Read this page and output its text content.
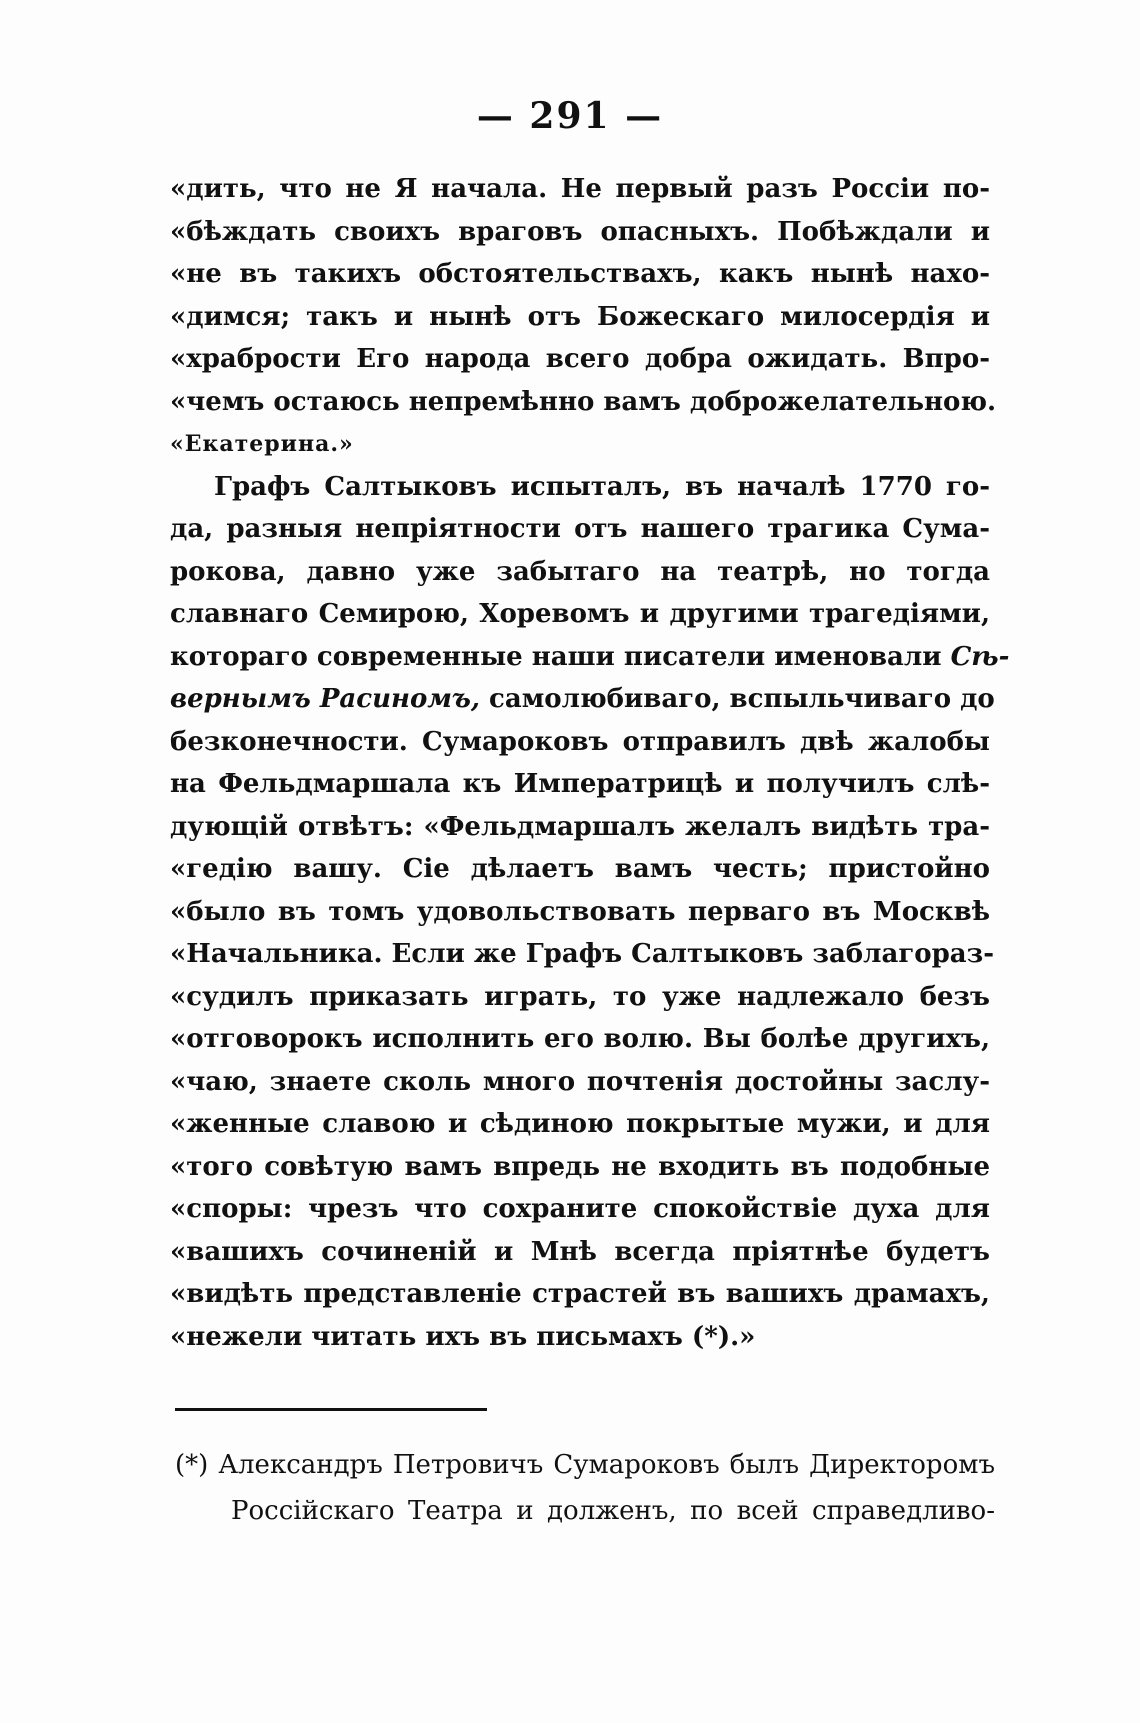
— 291 —
«дить, что не Я начала. Не первый разъ Россіи по-
«бѣждать своихъ враговъ опасныхъ. Побѣждали и
«не въ такихъ обстоятельствахъ, какъ нынѣ нахо-
«димся; такъ и нынѣ отъ Божескаго милосердія и
«храбрости Его народа всего добра ожидать. Впро-
«чемъ остаюсь непремѣнно вамъ доброжелательною.
«Екатерина.»
Графъ Салтыковъ испыталъ, въ началѣ 1770 го-
да, разныя непріятности отъ нашего трагика Сума-
рокова, давно уже забытаго на театрѣ, но тогда
славнаго Семирою, Хоревомъ и другими трагедіями,
котораго современные наши писатели именовали Сѣ-
вернымъ Расиномъ, самолюбиваго, вспыльчиваго до
безконечности. Сумароковъ отправилъ двѣ жалобы
на Фельдмаршала къ Императрицѣ и получилъ слѣ-
дующій отвѣтъ: «Фельдмаршалъ желалъ видѣть тра-
«гедію вашу. Сіе дѣлаетъ вамъ честь; пристойно
«было въ томъ удовольствовать перваго въ Москвѣ
«Начальника. Если же Графъ Салтыковъ заблагораз-
«судилъ приказать играть, то уже надлежало безъ
«отговорокъ исполнить его волю. Вы болѣе другихъ,
«чаю, знаете сколь много почтенія достойны заслу-
«женные славою и сѣдиною покрытые мужи, и для
«того совѣтую вамъ впредь не входить въ подобные
«споры: чрезъ что сохраните спокойствіе духа для
«вашихъ сочиненій и Мнѣ всегда пріятнѣе будетъ
«видѣть представленіе страстей въ вашихъ драмахъ,
«нежели читать ихъ въ письмахъ (*).»
(*) Александръ Петровичъ Сумароковъ былъ Директоромъ
Россійскаго Театра и долженъ, по всей справедливо-
